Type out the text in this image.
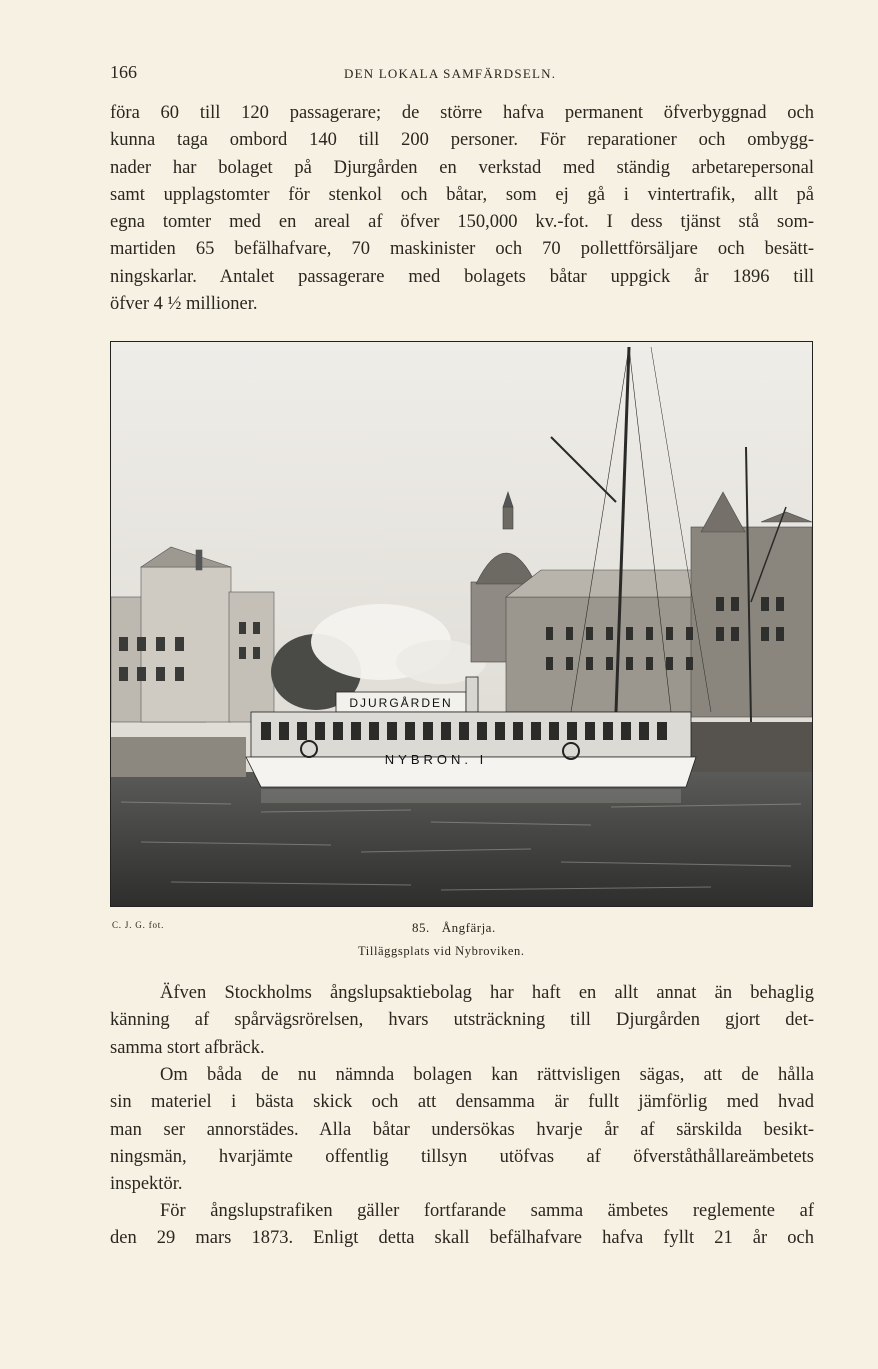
166	DEN LOKALA SAMFÄRDSELN.

föra 60 till 120 passagerare; de större hafva permanent öfverbyggnad och
kunna taga ombord 140 till 200 personer. För reparationer och ombygg-
nader har bolaget på Djurgården en verkstad med ständig arbetarepersonal
samt upplagstomter för stenkol och båtar, som ej gå i vintertrafik, allt på
egna tomter med en areal af öfver 150,000 kv.-fot. I dess tjänst stå som-
martiden 65 befälhafvare, 70 maskinister och 70 pollettförsäljare och besätt-
ningskarlar. Antalet passagerare med bolagets båtar uppgick år 1896 till
öfver 4 ½ millioner.

DJURGÅRDEN
NYBRON. I
C. J. G. fot.	85. Ångfärja.
Tilläggsplats vid Nybroviken.

Äfven Stockholms ångslupsaktiebolag har haft en allt annat än behaglig
känning af spårvägsrörelsen, hvars utsträckning till Djurgården gjort det-
samma stort afbräck.

Om båda de nu nämnda bolagen kan rättvisligen sägas, att de hålla
sin materiel i bästa skick och att densamma är fullt jämförlig med hvad
man ser annorstädes. Alla båtar undersökas hvarje år af särskilda besikt-
ningsmän, hvarjämte offentlig tillsyn utöfvas af öfverståthållareämbetets
inspektör.

För ångslupstrafiken gäller fortfarande samma ämbetes reglemente af
den 29 mars 1873. Enligt detta skall befälhafvare hafva fyllt 21 år och
